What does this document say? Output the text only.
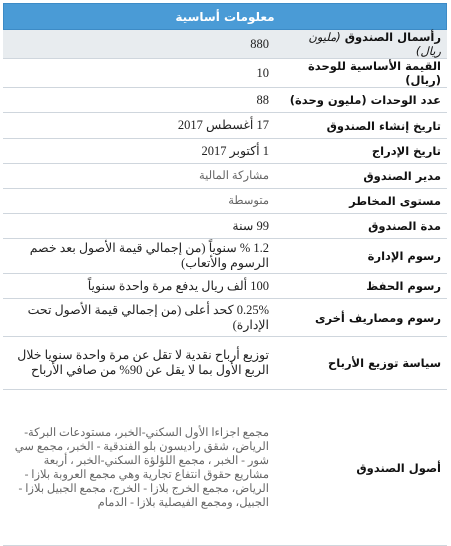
معلومات أساسية
رأسمال الصندوق (مليون ريال)	880
القيمة الأساسية للوحدة (ريال)	10
عدد الوحدات (مليون وحدة)	88
تاريخ إنشاء الصندوق	17 أغسطس 2017
تاريخ الإدراج	1 أكتوبر 2017
مدير الصندوق	مشاركة المالية
مستوى المخاطر	متوسطة
مدة الصندوق	99 سنة
رسوم الإدارة	1.2 % سنوياً (من إجمالي قيمة الأصول بعد خصم الرسوم والأتعاب)
رسوم الحفظ	100 ألف ريال يدفع مرة واحدة سنوياً
رسوم ومصاريف أخرى	0.25% كحد أعلى (من إجمالي قيمة الأصول تحت الإدارة)
سياسة توزيع الأرباح	توزيع أرباح نقدية لا تقل عن مرة واحدة سنويا خلال الربع الأول بما لا يقل عن 90% من صافي الأرباح
أصول الصندوق	مجمع اجزاءا الأول السكني-الخبر، مستودعات البركة-الرياض، شقق راديسون بلو الفندقية - الخبر، مجمع سي شور - الخبر ، مجمع اللؤلؤة السكني-الخبر ، أربعة مشاريع حقوق انتفاع تجارية وهي مجمع العروبة بلازا - الرياض، مجمع الخرج بلازا - الخرج، مجمع الجبيل بلازا - الجبيل، ومجمع الفيصلية بلازا - الدمام
